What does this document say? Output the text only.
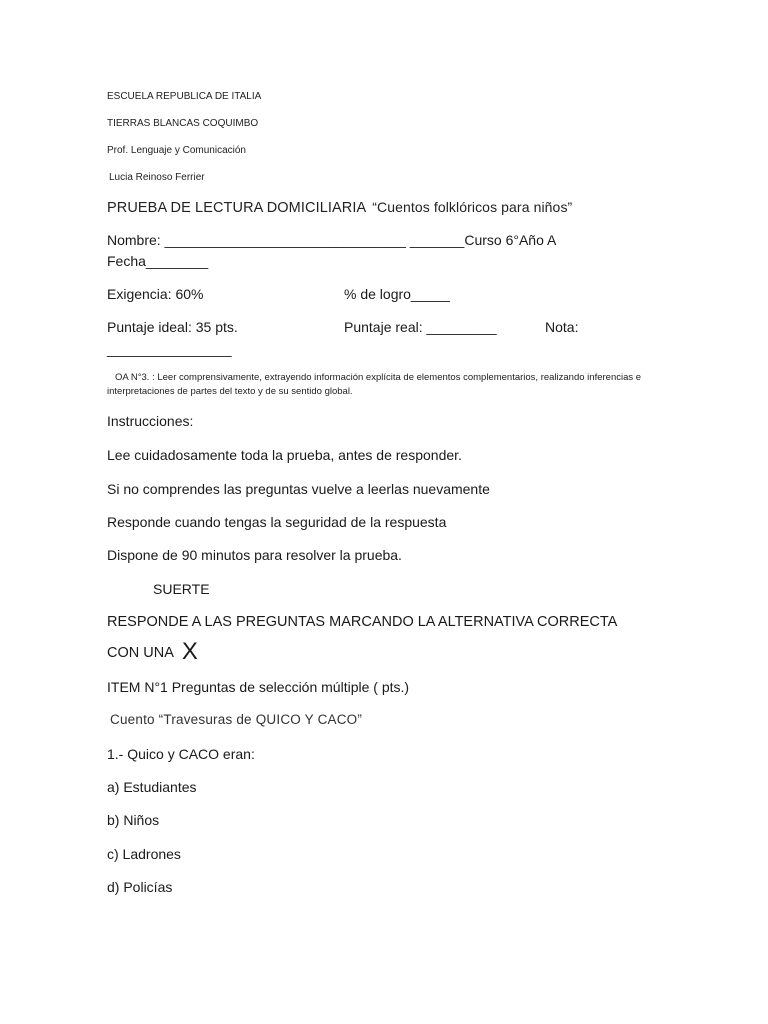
ESCUELA REPUBLICA DE ITALIA
TIERRAS BLANCAS COQUIMBO
Prof. Lenguaje y Comunicación
Lucia Reinoso Ferrier
PRUEBA DE LECTURA DOMICILIARIA “Cuentos folklóricos para niños”
Nombre: _______________________________ _______Curso 6°Año A
Fecha________
Exigencia: 60%	% de logro_____
Puntaje ideal: 35 pts.	Puntaje real: _________	Nota:
________________
OA N°3. : Leer comprensivamente, extrayendo información explícita de elementos complementarios, realizando inferencias e interpretaciones de partes del texto y de su sentido global.
Instrucciones:
Lee cuidadosamente toda la prueba, antes de responder.
Si no comprendes las preguntas vuelve a leerlas nuevamente
Responde cuando tengas la seguridad de la respuesta
Dispone de 90 minutos para resolver la prueba.
SUERTE
RESPONDE A LAS PREGUNTAS MARCANDO LA ALTERNATIVA CORRECTA
CON UNA X
ITEM N°1 Preguntas de selección múltiple ( pts.)
Cuento “Travesuras de QUICO Y CACO”
1.- Quico y CACO eran:
a) Estudiantes
b) Niños
c) Ladrones
d) Policías
